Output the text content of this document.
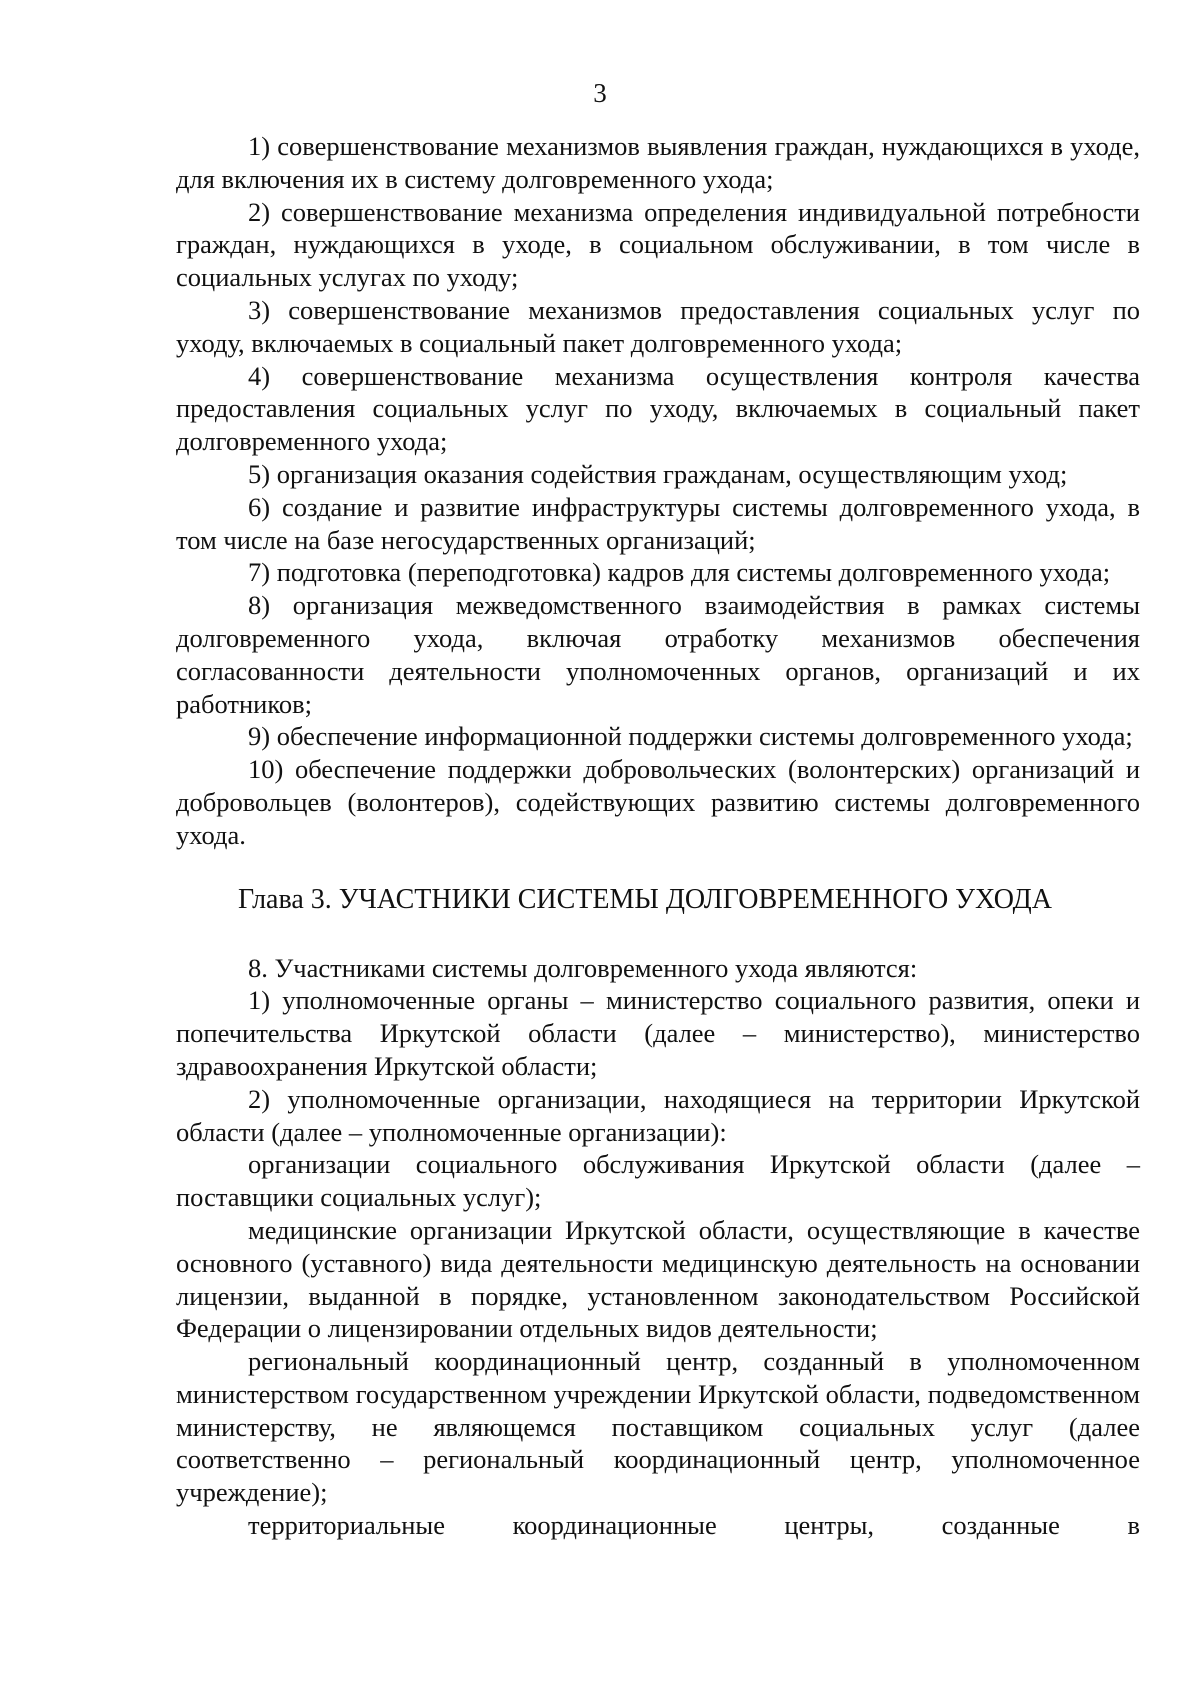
3

1) совершенствование механизмов выявления граждан, нуждающихся в уходе, для включения их в систему долговременного ухода;

2) совершенствование механизма определения индивидуальной потребности граждан, нуждающихся в уходе, в социальном обслуживании, в том числе в социальных услугах по уходу;

3) совершенствование механизмов предоставления социальных услуг по уходу, включаемых в социальный пакет долговременного ухода;

4) совершенствование механизма осуществления контроля качества предоставления социальных услуг по уходу, включаемых в социальный пакет долговременного ухода;

5) организация оказания содействия гражданам, осуществляющим уход;

6) создание и развитие инфраструктуры системы долговременного ухода, в том числе на базе негосударственных организаций;

7) подготовка (переподготовка) кадров для системы долговременного ухода;

8) организация межведомственного взаимодействия в рамках системы долговременного ухода, включая отработку механизмов обеспечения согласованности деятельности уполномоченных органов, организаций и их работников;

9) обеспечение информационной поддержки системы долговременного ухода;

10) обеспечение поддержки добровольческих (волонтерских) организаций и добровольцев (волонтеров), содействующих развитию системы долговременного ухода.

Глава 3. УЧАСТНИКИ СИСТЕМЫ ДОЛГОВРЕМЕННОГО УХОДА

8. Участниками системы долговременного ухода являются:

1) уполномоченные органы – министерство социального развития, опеки и попечительства Иркутской области (далее – министерство), министерство здравоохранения Иркутской области;

2) уполномоченные организации, находящиеся на территории Иркутской области (далее – уполномоченные организации):

организации социального обслуживания Иркутской области (далее – поставщики социальных услуг);

медицинские организации Иркутской области, осуществляющие в качестве основного (уставного) вида деятельности медицинскую деятельность на основании лицензии, выданной в порядке, установленном законодательством Российской Федерации о лицензировании отдельных видов деятельности;

региональный координационный центр, созданный в уполномоченном министерством государственном учреждении Иркутской области, подведомственном министерству, не являющемся поставщиком социальных услуг (далее соответственно – региональный координационный центр, уполномоченное учреждение);

территориальные координационные центры, созданные в
